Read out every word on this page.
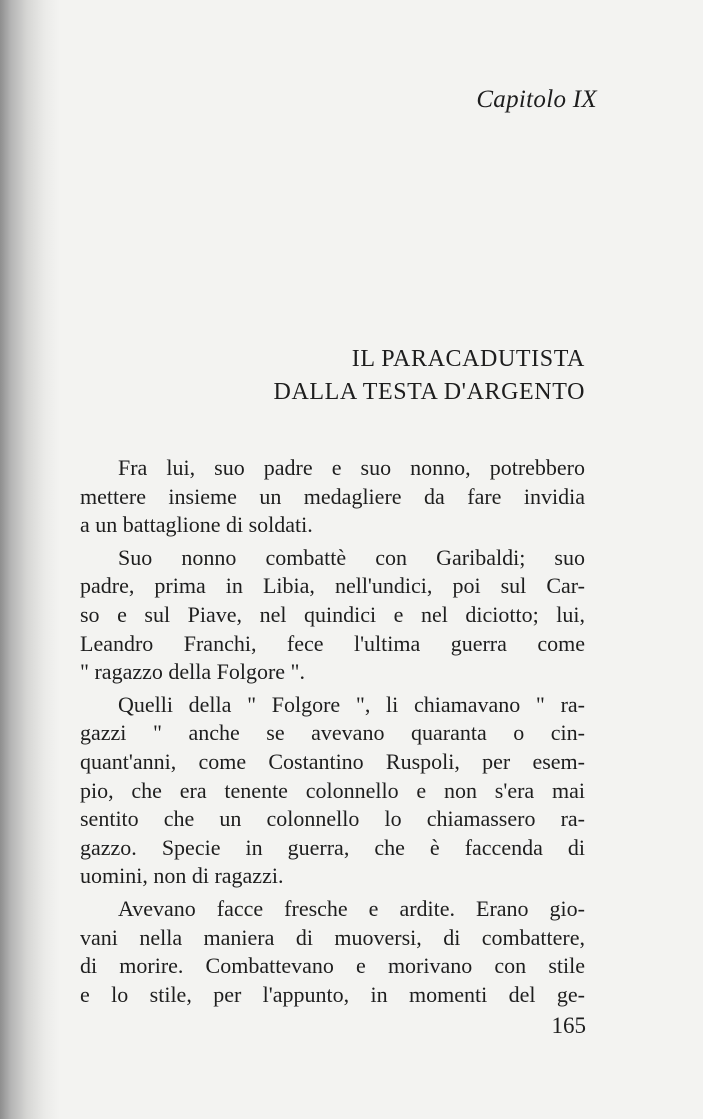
Capitolo IX
IL PARACADUTISTA
DALLA TESTA D'ARGENTO
Fra lui, suo padre e suo nonno, potrebbero
mettere insieme un medagliere da fare invidia
a un battaglione di soldati.
Suo nonno combattè con Garibaldi; suo
padre, prima in Libia, nell'undici, poi sul Car-
so e sul Piave, nel quindici e nel diciotto; lui,
Leandro Franchi, fece l'ultima guerra come
" ragazzo della Folgore ".
Quelli della " Folgore ", li chiamavano " ra-
gazzi " anche se avevano quaranta o cin-
quant'anni, come Costantino Ruspoli, per esem-
pio, che era tenente colonnello e non s'era mai
sentito che un colonnello lo chiamassero ra-
gazzo. Specie in guerra, che è faccenda di
uomini, non di ragazzi.
Avevano facce fresche e ardite. Erano gio-
vani nella maniera di muoversi, di combattere,
di morire. Combattevano e morivano con stile
e lo stile, per l'appunto, in momenti del ge-
165
